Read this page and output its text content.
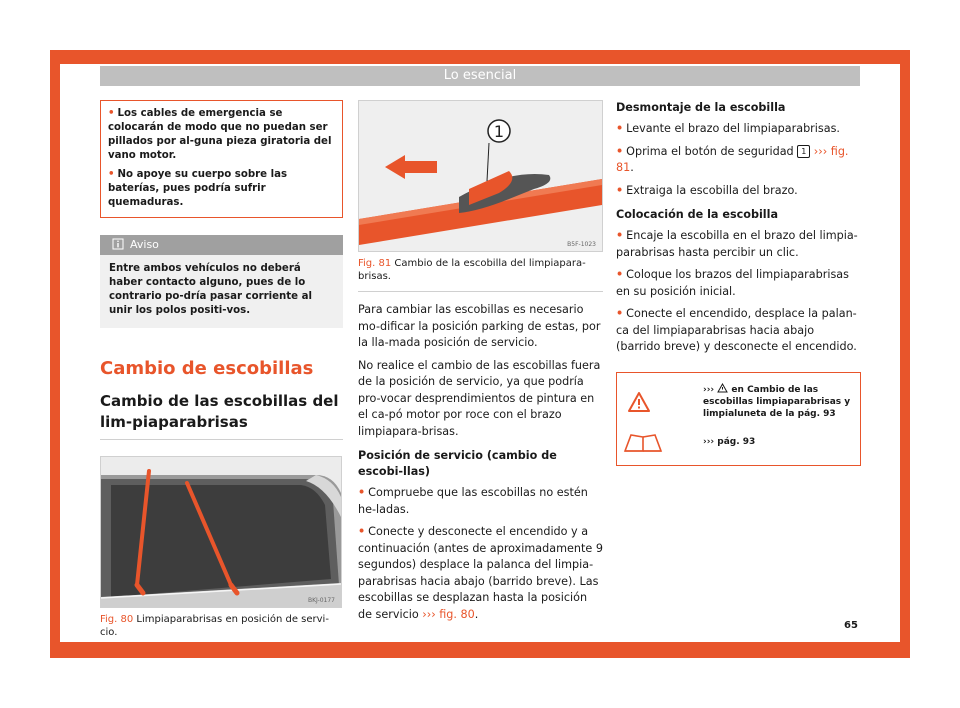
Lo esencial

• Los cables de emergencia se colocarán de modo que no puedan ser pillados por al-guna pieza giratoria del vano motor.

• No apoye su cuerpo sobre las baterías, pues podría sufrir quemaduras.

Aviso
Entre ambos vehículos no deberá haber contacto alguno, pues de lo contrario po-dría pasar corriente al unir los polos positi-vos.
Cambio de escobillas
Cambio de las escobillas del lim-piaparabrisas
BKJ-0177
Fig. 80 Limpiaparabrisas en posición de servi-cio.
1
B5F-1023
Fig. 81 Cambio de la escobilla del limpiapara-brisas.

Para cambiar las escobillas es necesario mo-dificar la posición parking de estas, por la lla-mada posición de servicio.

No realice el cambio de las escobillas fuera de la posición de servicio, ya que podría pro-vocar desprendimientos de pintura en el ca-pó motor por roce con el brazo limpiapara-brisas.

Posición de servicio (cambio de escobi-llas)

• Compruebe que las escobillas no estén he-ladas.

• Conecte y desconecte el encendido y a continuación (antes de aproximadamente 9 segundos) desplace la palanca del limpia-parabrisas hacia abajo (barrido breve). Las escobillas se desplazan hasta la posición de servicio ››› fig. 80.

Desmontaje de la escobilla

• Levante el brazo del limpiaparabrisas.

• Oprima el botón de seguridad 1 ››› fig. 81.

• Extraiga la escobilla del brazo.

Colocación de la escobilla

• Encaje la escobilla en el brazo del limpia-parabrisas hasta percibir un clic.

• Coloque los brazos del limpiaparabrisas en su posición inicial.

• Conecte el encendido, desplace la palan-ca del limpiaparabrisas hacia abajo (barrido breve) y desconecte el encendido.

››› en Cambio de las escobillas limpiaparabrisas y limpialuneta de la pág. 93
››› pág. 93
65
